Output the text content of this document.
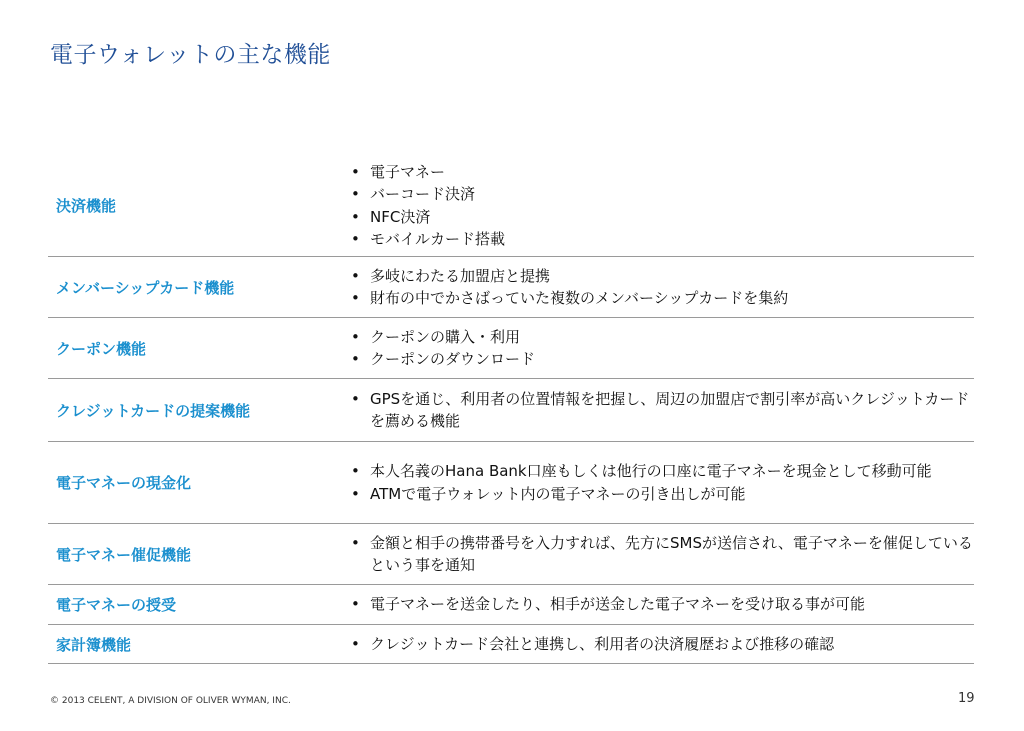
電子ウォレットの主な機能
決済機能
• 電子マネー
• バーコード決済
• NFC決済
• モバイルカード搭載
メンバーシップカード機能
• 多岐にわたる加盟店と提携
• 財布の中でかさばっていた複数のメンバーシップカードを集約
クーポン機能
• クーポンの購入・利用
• クーポンのダウンロード
クレジットカードの提案機能
• GPSを通じ、利用者の位置情報を把握し、周辺の加盟店で割引率が高いクレジットカードを薦める機能
電子マネーの現金化
• 本人名義のHana Bank口座もしくは他行の口座に電子マネーを現金として移動可能
• ATMで電子ウォレット内の電子マネーの引き出しが可能
電子マネー催促機能
• 金額と相手の携帯番号を入力すれば、先方にSMSが送信され、電子マネーを催促しているという事を通知
電子マネーの授受	• 電子マネーを送金したり、相手が送金した電子マネーを受け取る事が可能
家計簿機能	• クレジットカード会社と連携し、利用者の決済履歴および推移の確認
© 2013 CELENT, A DIVISION OF OLIVER WYMAN, INC.	19
